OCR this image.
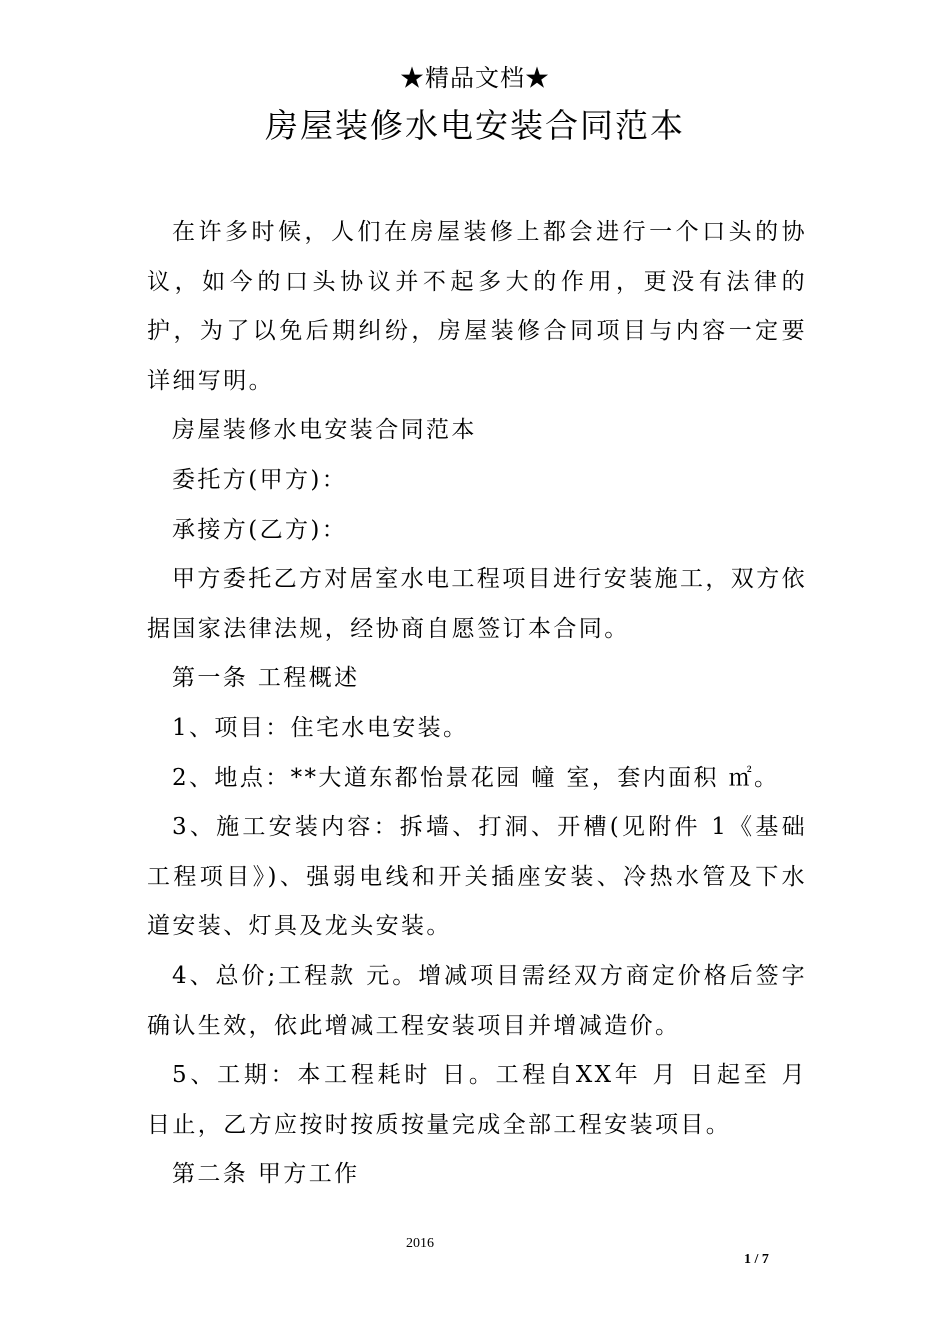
★精品文档★
房屋装修水电安装合同范本

在许多时候，人们在房屋装修上都会进行一个口头的协议，如今的口头协议并不起多大的作用，更没有法律的护，为了以免后期纠纷，房屋装修合同项目与内容一定要详细写明。

房屋装修水电安装合同范本

委托方(甲方)：

承接方(乙方)：

甲方委托乙方对居室水电工程项目进行安装施工，双方依据国家法律法规，经协商自愿签订本合同。

第一条 工程概述

1、项目：住宅水电安装。

2、地点：**大道东都怡景花园 幢 室，套内面积 ㎡。

3、施工安装内容：拆墙、打洞、开槽(见附件 1《基础工程项目》)、强弱电线和开关插座安装、冷热水管及下水道安装、灯具及龙头安装。

4、总价;工程款 元。增减项目需经双方商定价格后签字确认生效，依此增减工程安装项目并增减造价。

5、工期：本工程耗时 日。工程自XX年 月 日起至 月 日止，乙方应按时按质按量完成全部工程安装项目。

第二条 甲方工作

2016
1 / 7
